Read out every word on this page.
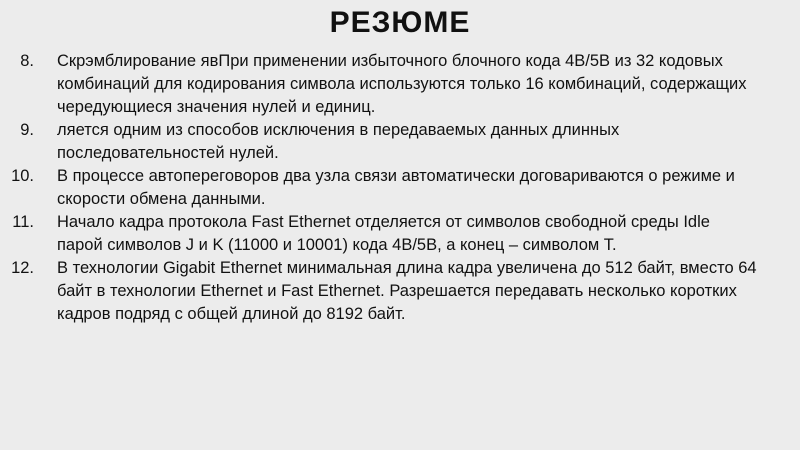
РЕЗЮМЕ
8. Скрэмблирование явПри применении избыточного блочного кода 4B/5B из 32 кодовых комбинаций для кодирования символа используются только 16 комбинаций, содержащих чередующиеся значения нулей и единиц.
9. ляется одним из способов исключения в передаваемых данных длинных последовательностей нулей.
10. В процессе автопереговоров два узла связи автоматически договариваются о режиме и скорости обмена данными.
11. Начало кадра протокола Fast Ethernet отделяется от символов свободной среды Idle парой символов J и K (11000 и 10001) кода 4B/5B, а конец – символом T.
12. В технологии Gigabit Ethernet минимальная длина кадра увеличена до 512 байт, вместо 64 байт в технологии Ethernet и Fast Ethernet. Разрешается передавать несколько коротких кадров подряд с общей длиной до 8192 байт.
